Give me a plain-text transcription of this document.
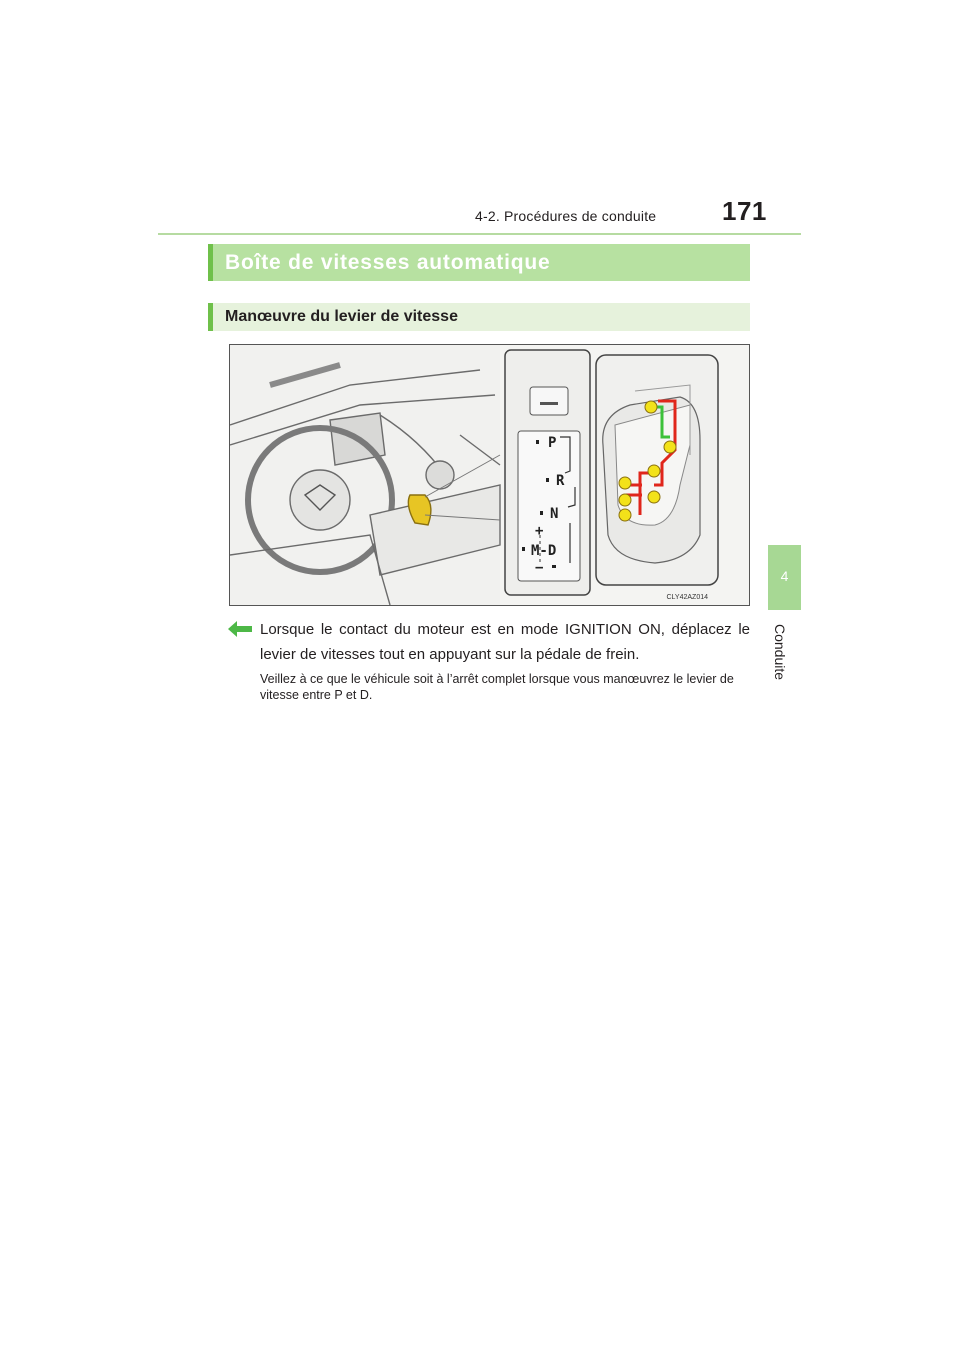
4-2. Procédures de conduite	171
4
Conduite
Boîte de vitesses automatique
Manœuvre du levier de vitesse
P
R
N
+
M-D
−
CLY42AZ014
Lorsque le contact du moteur est en mode IGNITION ON, déplacez le levier de vitesses tout en appuyant sur la pédale de frein.
Veillez à ce que le véhicule soit à l’arrêt complet lorsque vous manœuvrez le levier de vitesse entre P et D.
